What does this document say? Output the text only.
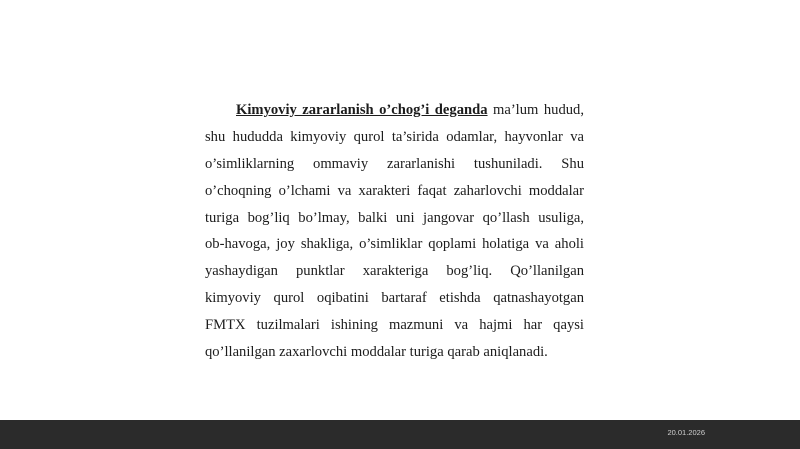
Kimyoviy zararlanish o’chog’i deganda ma’lum hudud,
shu hududda kimyoviy qurol ta’sirida odamlar, hayvonlar va
o’simliklarning ommaviy zararlanishi tushuniladi. Shu
o’choqning o’lchami va xarakteri faqat zaharlovchi moddalar
turiga bog’liq bo’lmay, balki uni jangovar qo’llash usuliga,
ob-havoga, joy shakliga, o’simliklar qoplami holatiga va aholi
yashaydigan punktlar xarakteriga bog’liq. Qo’llanilgan
kimyoviy qurol oqibatini bartaraf etishda qatnashayotgan
FMTX tuzilmalari ishining mazmuni va hajmi har qaysi
qo’llanilgan zaxarlovchi moddalar turiga qarab aniqlanadi.
20.01.2026
